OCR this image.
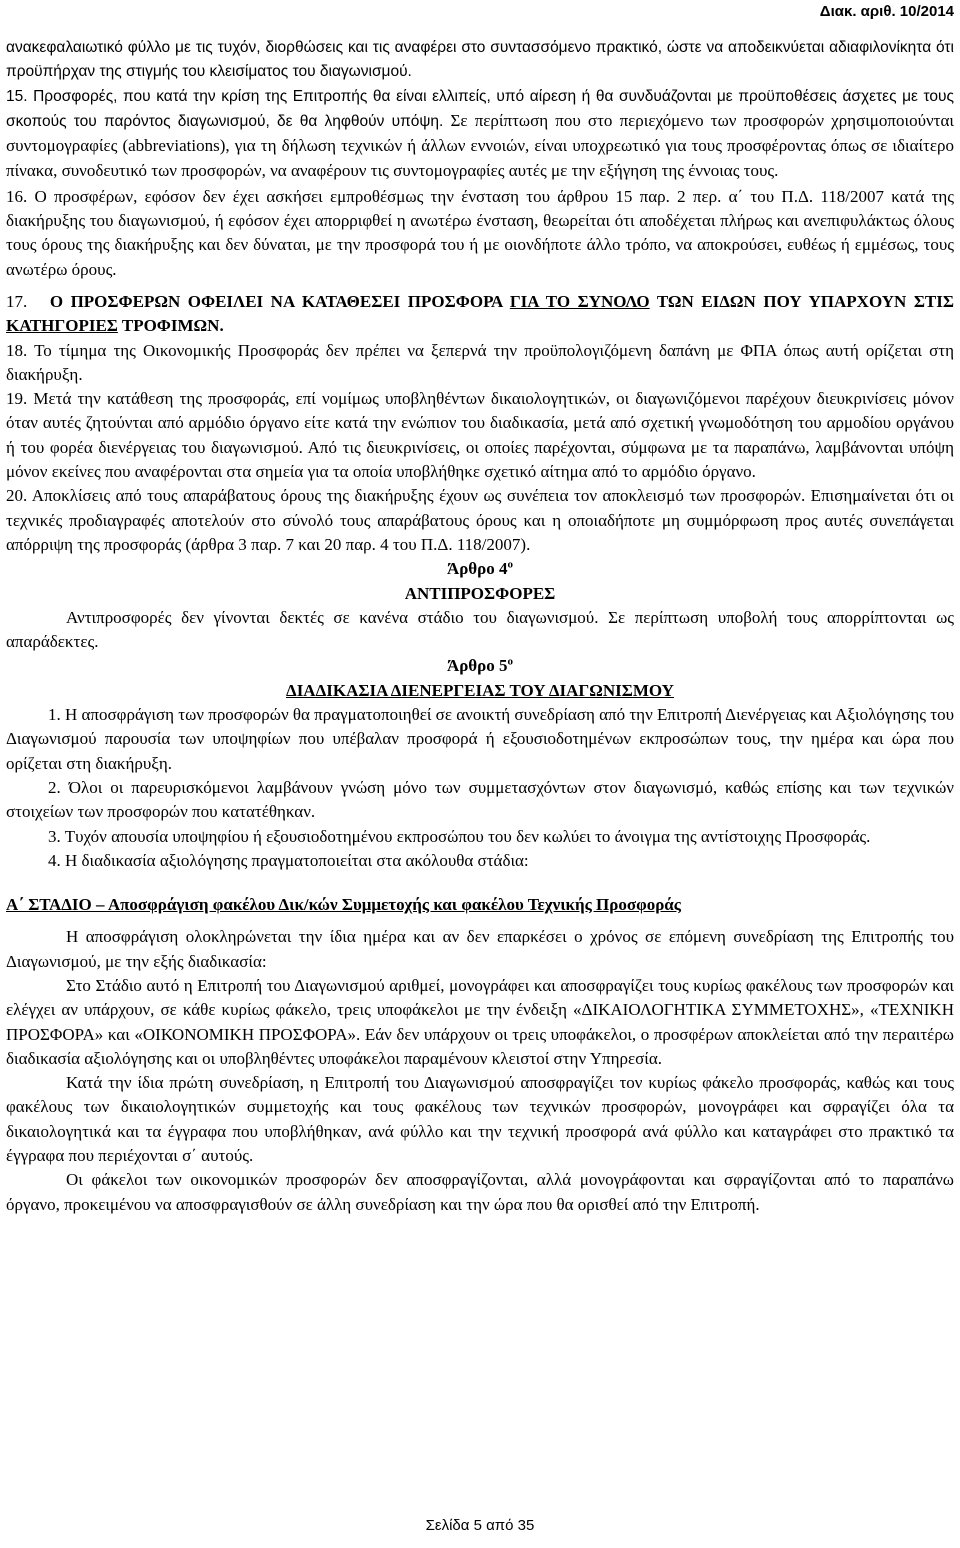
Διακ. αριθ. 10/2014

ανακεφαλαιωτικό φύλλο με τις τυχόν, διορθώσεις και τις αναφέρει στο συντασσόμενο πρακτικό, ώστε να αποδεικνύεται αδιαφιλονίκητα ότι προϋπήρχαν της στιγμής του κλεισίματος του διαγωνισμού.

15. Προσφορές, που κατά την κρίση της Επιτροπής θα είναι ελλιπείς, υπό αίρεση ή θα συνδυάζονται με προϋποθέσεις άσχετες με τους σκοπούς του παρόντος διαγωνισμού, δε θα ληφθούν υπόψη. Σε περίπτωση που στο περιεχόμενο των προσφορών χρησιμοποιούνται συντομογραφίες (abbreviations), για τη δήλωση τεχνικών ή άλλων εννοιών, είναι υποχρεωτικό για τους προσφέροντας όπως σε ιδιαίτερο πίνακα, συνοδευτικό των προσφορών, να αναφέρουν τις συντομογραφίες αυτές με την εξήγηση της έννοιας τους.

16. Ο προσφέρων, εφόσον δεν έχει ασκήσει εμπροθέσμως την ένσταση του άρθρου 15 παρ. 2 περ. α΄ του Π.Δ. 118/2007 κατά της διακήρυξης του διαγωνισμού, ή εφόσον έχει απορριφθεί η ανωτέρω ένσταση, θεωρείται ότι αποδέχεται πλήρως και ανεπιφυλάκτως όλους τους όρους της διακήρυξης και δεν δύναται, με την προσφορά του ή με οιονδήποτε άλλο τρόπο, να αποκρούσει, ευθέως ή εμμέσως, τους ανωτέρω όρους.

17. Ο ΠΡΟΣΦΕΡΩΝ ΟΦΕΙΛΕΙ ΝΑ ΚΑΤΑΘΕΣΕΙ ΠΡΟΣΦΟΡΑ ΓΙΑ ΤΟ ΣΥΝΟΛΟ ΤΩΝ ΕΙΔΩΝ ΠΟΥ ΥΠΑΡΧΟΥΝ ΣΤΙΣ ΚΑΤΗΓΟΡΙΕΣ ΤΡΟΦΙΜΩΝ.

18. Το τίμημα της Οικονομικής Προσφοράς δεν πρέπει να ξεπερνά την προϋπολογιζόμενη δαπάνη με ΦΠΑ όπως αυτή ορίζεται στη διακήρυξη.

19. Μετά την κατάθεση της προσφοράς, επί νομίμως υποβληθέντων δικαιολογητικών, οι διαγωνιζόμενοι παρέχουν διευκρινίσεις μόνον όταν αυτές ζητούνται από αρμόδιο όργανο είτε κατά την ενώπιον του διαδικασία, μετά από σχετική γνωμοδότηση του αρμοδίου οργάνου ή του φορέα διενέργειας του διαγωνισμού. Από τις διευκρινίσεις, οι οποίες παρέχονται, σύμφωνα με τα παραπάνω, λαμβάνονται υπόψη μόνον εκείνες που αναφέρονται στα σημεία για τα οποία υποβλήθηκε σχετικό αίτημα από το αρμόδιο όργανο.

20. Αποκλίσεις από τους απαράβατους όρους της διακήρυξης έχουν ως συνέπεια τον αποκλεισμό των προσφορών. Επισημαίνεται ότι οι τεχνικές προδιαγραφές αποτελούν στο σύνολό τους απαράβατους όρους και η οποιαδήποτε μη συμμόρφωση προς αυτές συνεπάγεται απόρριψη της προσφοράς (άρθρα 3 παρ. 7 και 20 παρ. 4 του Π.Δ. 118/2007).

Άρθρο $4^o$

ΑΝΤΙΠΡΟΣΦΟΡΕΣ

Αντιπροσφορές δεν γίνονται δεκτές σε κανένα στάδιο του διαγωνισμού. Σε περίπτωση υποβολή τους απορρίπτονται ως απαράδεκτες.

Άρθρο $5^o$

ΔΙΑΔΙΚΑΣΙΑ ΔΙΕΝΕΡΓΕΙΑΣ ΤΟΥ ΔΙΑΓΩΝΙΣΜΟΥ

1. Η αποσφράγιση των προσφορών θα πραγματοποιηθεί σε ανοικτή συνεδρίαση από την Επιτροπή Διενέργειας και Αξιολόγησης του Διαγωνισμού παρουσία των υποψηφίων που υπέβαλαν προσφορά ή εξουσιοδοτημένων εκπροσώπων τους, την ημέρα και ώρα που ορίζεται στη διακήρυξη.

2. Όλοι οι παρευρισκόμενοι λαμβάνουν γνώση μόνο των συμμετασχόντων στον διαγωνισμό, καθώς επίσης και των τεχνικών στοιχείων των προσφορών που κατατέθηκαν.

3. Τυχόν απουσία υποψηφίου ή εξουσιοδοτημένου εκπροσώπου του δεν κωλύει το άνοιγμα της αντίστοιχης Προσφοράς.

4. Η διαδικασία αξιολόγησης πραγματοποιείται στα ακόλουθα στάδια:

Α΄ ΣΤΑΔΙΟ – Αποσφράγιση φακέλου Δικ/κών Συμμετοχής και φακέλου Τεχνικής Προσφοράς

Η αποσφράγιση ολοκληρώνεται την ίδια ημέρα και αν δεν επαρκέσει ο χρόνος σε επόμενη συνεδρίαση της Επιτροπής του Διαγωνισμού, με την εξής διαδικασία:

Στο Στάδιο αυτό η Επιτροπή του Διαγωνισμού αριθμεί, μονογράφει και αποσφραγίζει τους κυρίως φακέλους των προσφορών και ελέγχει αν υπάρχουν, σε κάθε κυρίως φάκελο, τρεις υποφάκελοι με την ένδειξη «ΔΙΚΑΙΟΛΟΓΗΤΙΚΑ ΣΥΜΜΕΤΟΧΗΣ», «ΤΕΧΝΙΚΗ ΠΡΟΣΦΟΡΑ» και «ΟΙΚΟΝΟΜΙΚΗ ΠΡΟΣΦΟΡΑ». Εάν δεν υπάρχουν οι τρεις υποφάκελοι, ο προσφέρων αποκλείεται από την περαιτέρω διαδικασία αξιολόγησης και οι υποβληθέντες υποφάκελοι παραμένουν κλειστοί στην Υπηρεσία.

Κατά την ίδια πρώτη συνεδρίαση, η Επιτροπή του Διαγωνισμού αποσφραγίζει τον κυρίως φάκελο προσφοράς, καθώς και τους φακέλους των δικαιολογητικών συμμετοχής και τους φακέλους των τεχνικών προσφορών, μονογράφει και σφραγίζει όλα τα δικαιολογητικά και τα έγγραφα που υποβλήθηκαν, ανά φύλλο και την τεχνική προσφορά ανά φύλλο και καταγράφει στο πρακτικό τα έγγραφα που περιέχονται σ΄ αυτούς.

Οι φάκελοι των οικονομικών προσφορών δεν αποσφραγίζονται, αλλά μονογράφονται και σφραγίζονται από το παραπάνω όργανο, προκειμένου να αποσφραγισθούν σε άλλη συνεδρίαση και την ώρα που θα ορισθεί από την Επιτροπή.

Σελίδα 5 από 35
